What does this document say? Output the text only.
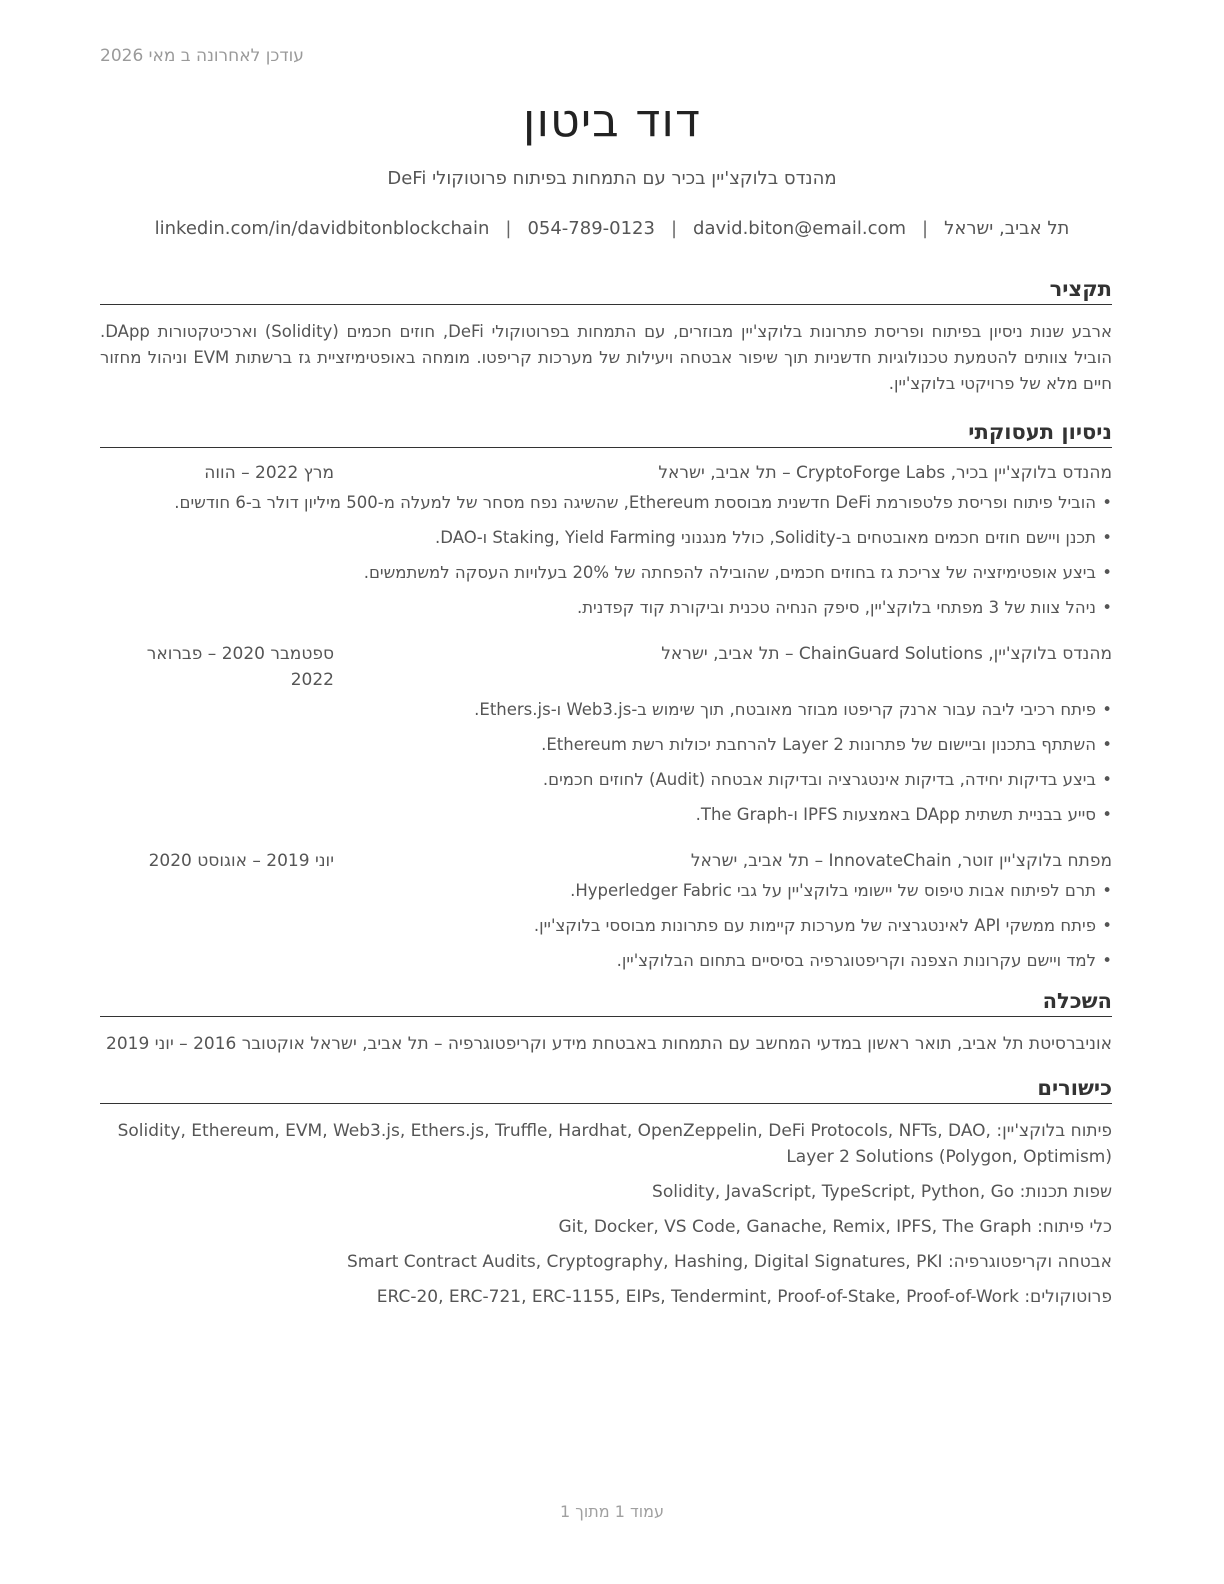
עודכן לאחרונה ב מאי 2026
דוד ביטון
מהנדס בלוקצ'יין בכיר עם התמחות בפיתוח פרוטוקולי DeFi
תל אביב, ישראל
|
david.biton@email.com
|
054-789-0123
|
linkedin.com/in/davidbitonblockchain
תקציר
ארבע שנות ניסיון בפיתוח ופריסת פתרונות בלוקצ'יין מבוזרים, עם התמחות בפרוטוקולי DeFi, חוזים חכמים (Solidity) וארכיטקטורות DApp. הוביל צוותים להטמעת טכנולוגיות חדשניות תוך שיפור אבטחה ויעילות של מערכות קריפטו. מומחה באופטימיזציית גז ברשתות EVM וניהול מחזור חיים מלא של פרויקטי בלוקצ'יין.
ניסיון תעסוקתי
מהנדס בלוקצ'יין בכיר, CryptoForge Labs – תל אביב, ישראל
מרץ 2022 – הווה
• הוביל פיתוח ופריסת פלטפורמת DeFi חדשנית מבוססת Ethereum, שהשיגה נפח מסחר של למעלה מ-500 מיליון דולר ב-6 חודשים.
• תכנן ויישם חוזים חכמים מאובטחים ב-Solidity, כולל מנגנוני Staking, Yield Farming ו-DAO.
• ביצע אופטימיזציה של צריכת גז בחוזים חכמים, שהובילה להפחתה של 20% בעלויות העסקה למשתמשים.
• ניהל צוות של 3 מפתחי בלוקצ'יין, סיפק הנחיה טכנית וביקורת קוד קפדנית.
מהנדס בלוקצ'יין, ChainGuard Solutions – תל אביב, ישראל
ספטמבר 2020 – פברואר 2022
• פיתח רכיבי ליבה עבור ארנק קריפטו מבוזר מאובטח, תוך שימוש ב-Web3.js ו-Ethers.js.
• השתתף בתכנון וביישום של פתרונות Layer 2 להרחבת יכולות רשת Ethereum.
• ביצע בדיקות יחידה, בדיקות אינטגרציה ובדיקות אבטחה (Audit) לחוזים חכמים.
• סייע בבניית תשתית DApp באמצעות IPFS ו-The Graph.
מפתח בלוקצ'יין זוטר, InnovateChain – תל אביב, ישראל
יוני 2019 – אוגוסט 2020
• תרם לפיתוח אבות טיפוס של יישומי בלוקצ'יין על גבי Hyperledger Fabric.
• פיתח ממשקי API לאינטגרציה של מערכות קיימות עם פתרונות מבוססי בלוקצ'יין.
• למד ויישם עקרונות הצפנה וקריפטוגרפיה בסיסיים בתחום הבלוקצ'יין.
השכלה
אוניברסיטת תל אביב, תואר ראשון במדעי המחשב עם התמחות באבטחת מידע וקריפטוגרפיה – תל אביב, ישראל אוקטובר 2016 – יוני 2019
כישורים
פיתוח בלוקצ'יין: Solidity, Ethereum, EVM, Web3.js, Ethers.js, Truffle, Hardhat, OpenZeppelin, DeFi Protocols, NFTs, DAO, Layer 2 Solutions (Polygon, Optimism)
שפות תכנות: Solidity, JavaScript, TypeScript, Python, Go
כלי פיתוח: Git, Docker, VS Code, Ganache, Remix, IPFS, The Graph
אבטחה וקריפטוגרפיה: Smart Contract Audits, Cryptography, Hashing, Digital Signatures, PKI
פרוטוקולים: ERC-20, ERC-721, ERC-1155, EIPs, Tendermint, Proof-of-Stake, Proof-of-Work
עמוד 1 מתוך 1
